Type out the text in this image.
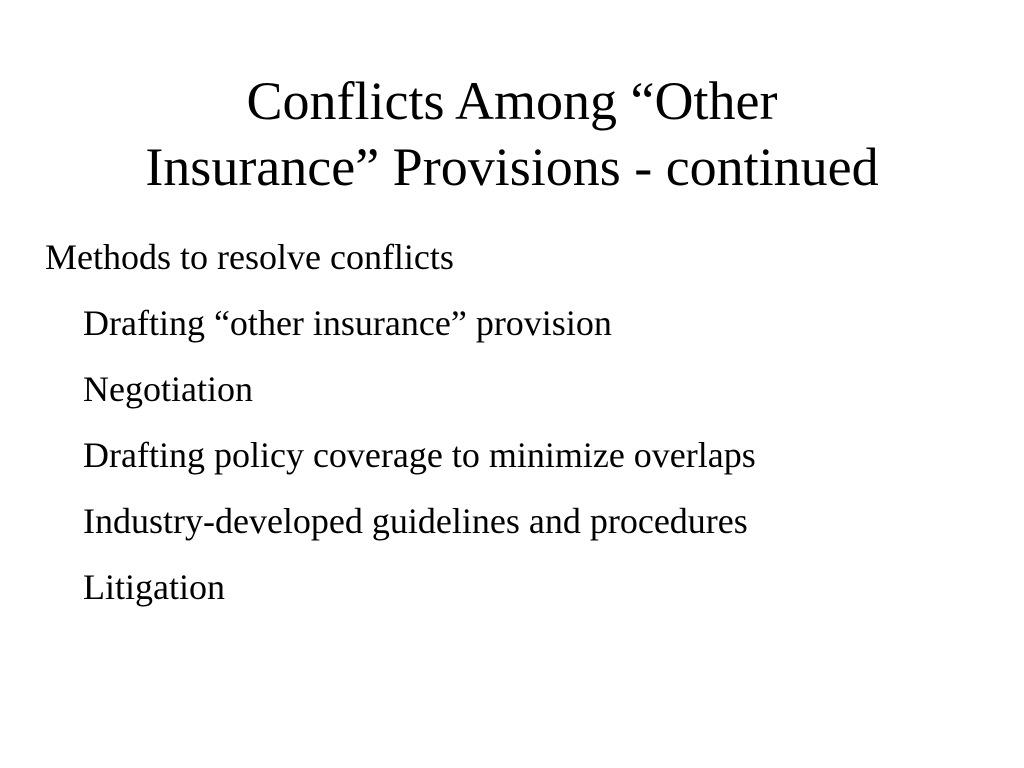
Conflicts Among “Other
Insurance” Provisions - continued
Methods to resolve conflicts
Drafting “other insurance” provision
Negotiation
Drafting policy coverage to minimize overlaps
Industry-developed guidelines and procedures
Litigation
